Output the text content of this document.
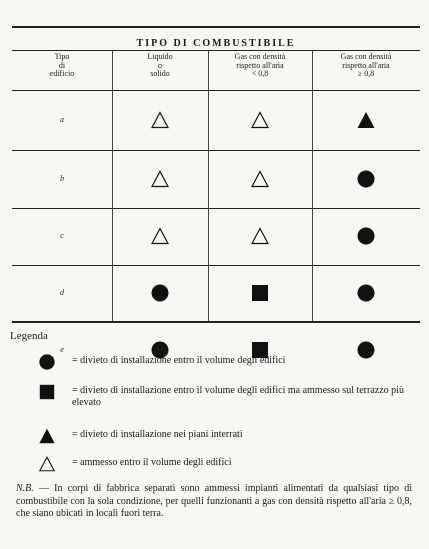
TIPO DI COMBUSTIBILE
Tipo
di
edificio
Liquido
o
solido
Gas con densità
rispetto all'aria
< 0,8
Gas con densità
rispetto all'aria
≥ 0,8
a
b
c
d
e
Legenda
= divieto di installazione entro il volume degli edifici
= divieto di installazione entro il volume degli edifici ma ammesso sul terrazzo più elevato
= divieto di installazione nei piani interrati
= ammesso entro il volume degli edifici
N.B. — In corpi di fabbrica separati sono ammessi impianti alimentati da qualsiasi tipo di combustibile con la sola condizione, per quelli funzionanti a gas con densità rispetto all'aria ≥ 0,8, che siano ubicati in locali fuori terra.
